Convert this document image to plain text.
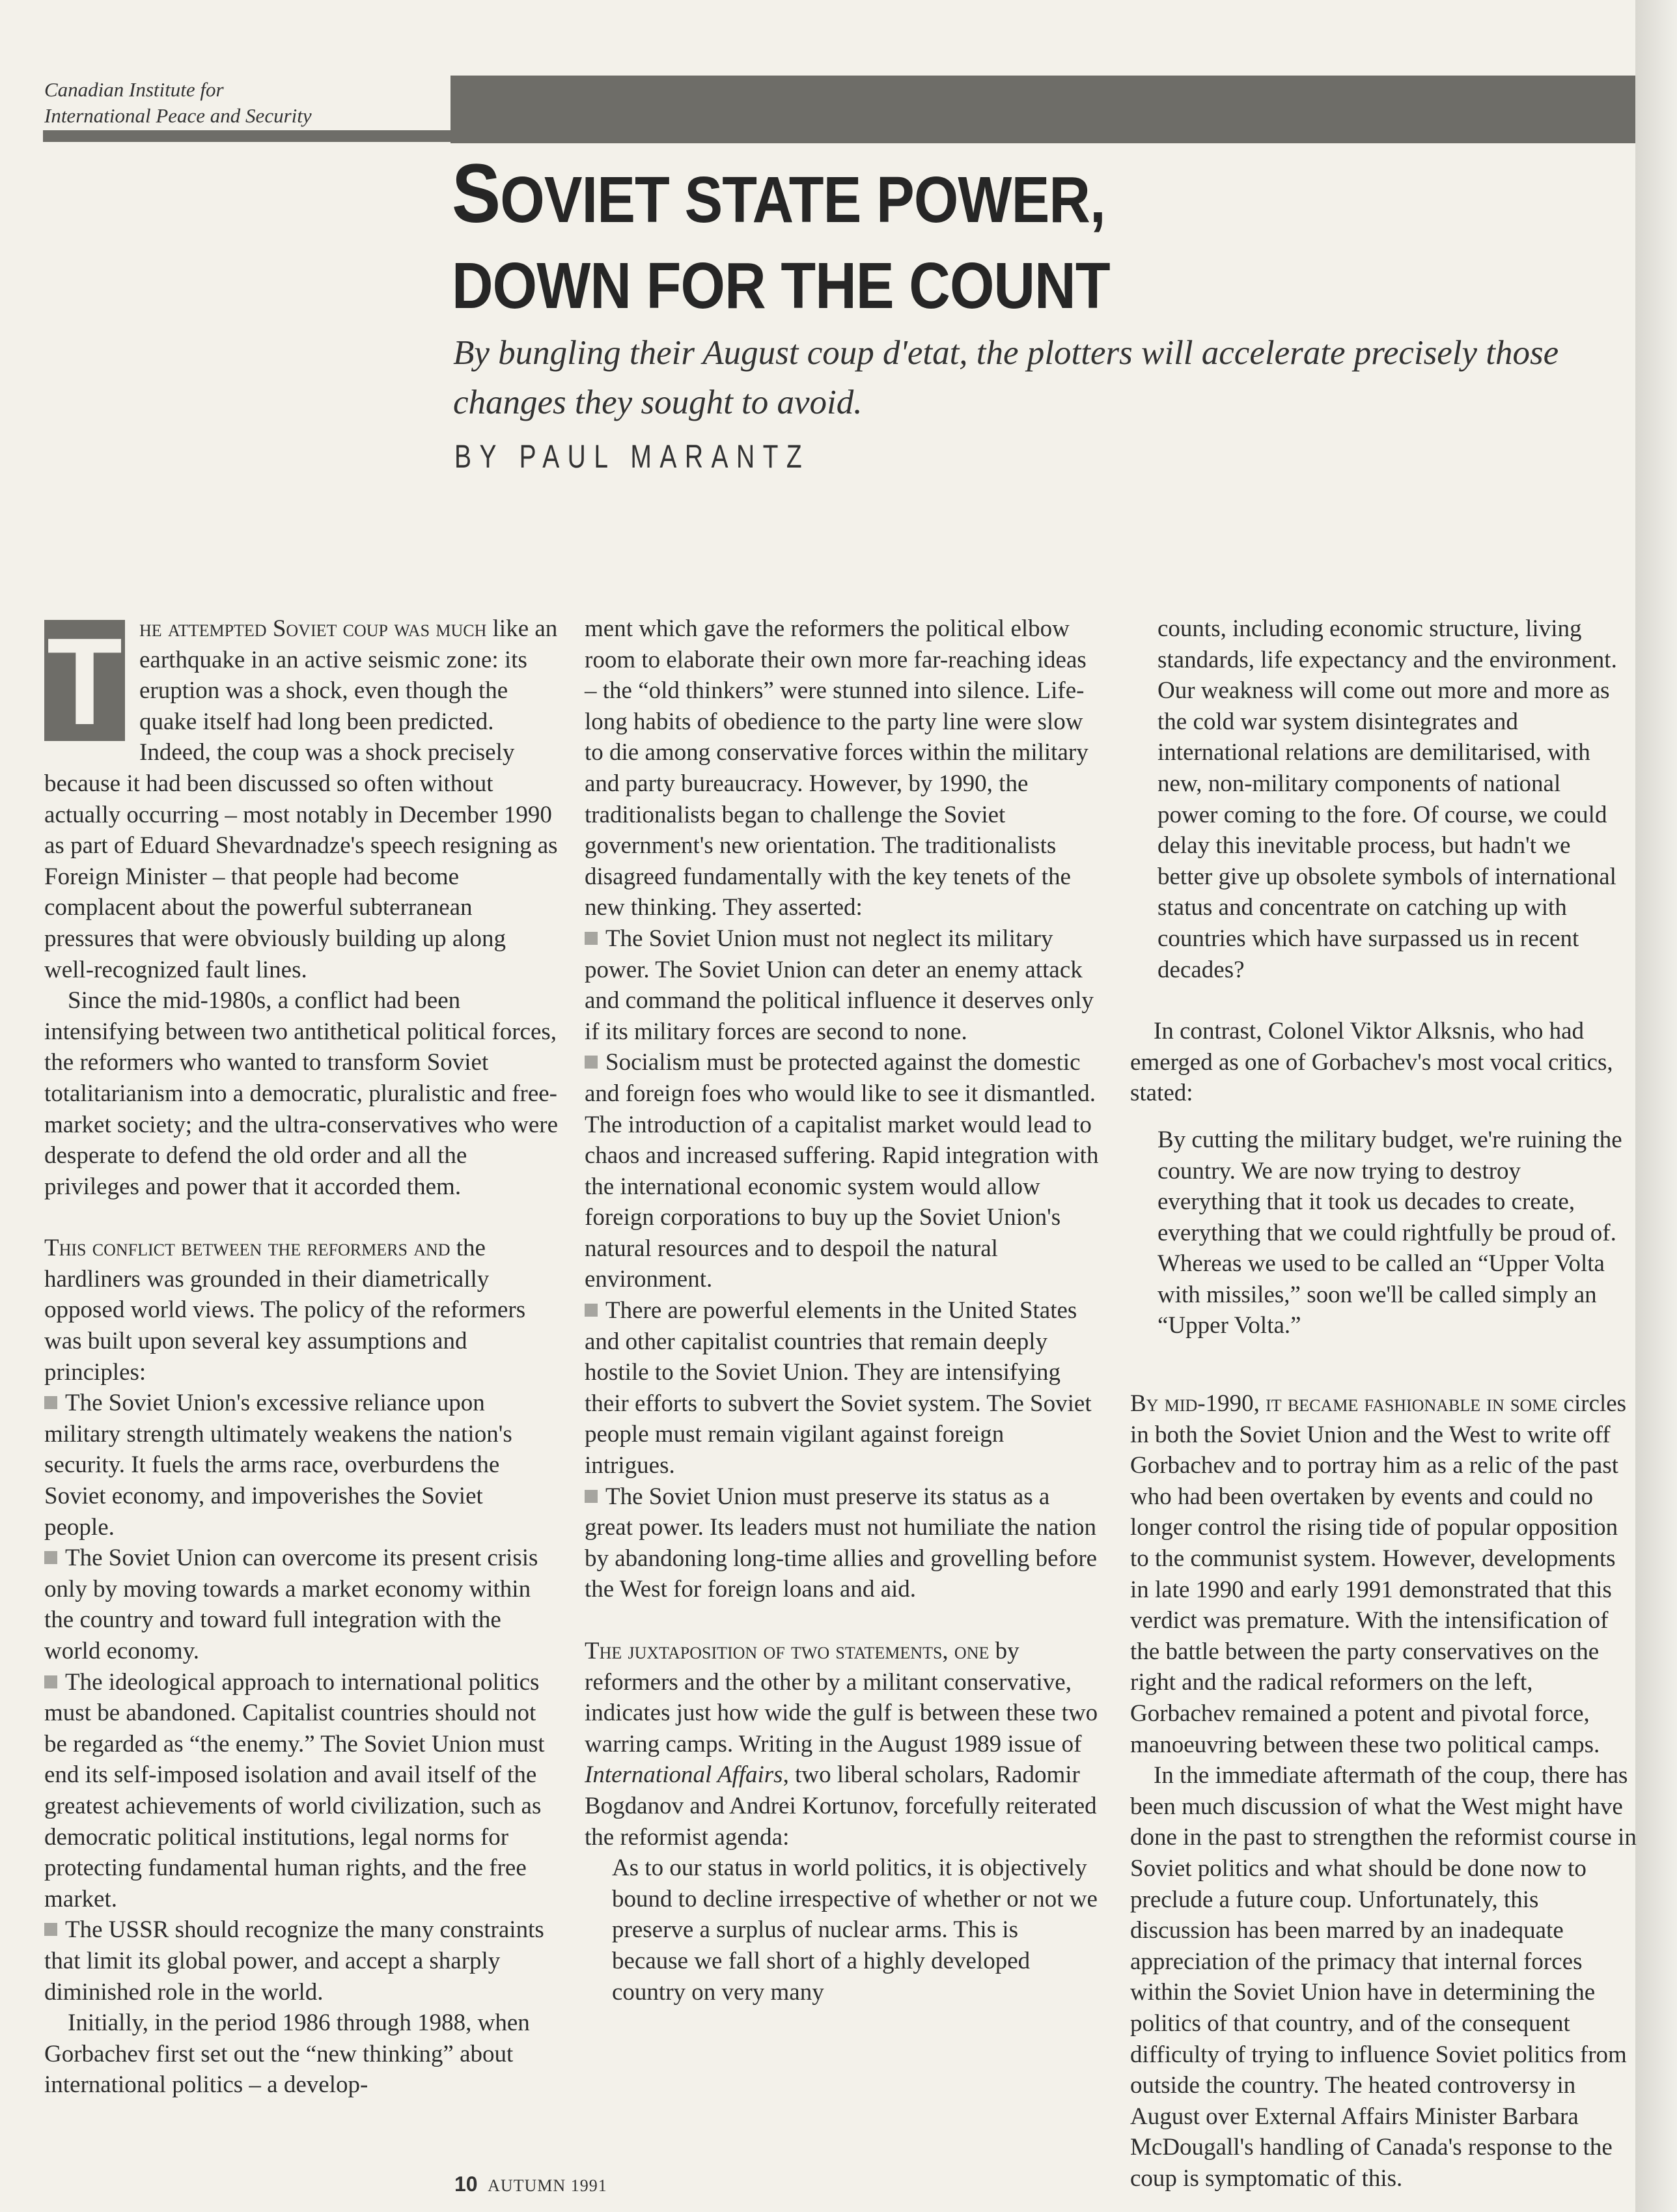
Canadian Institute for
International Peace and Security
SOVIET STATE POWER,
DOWN FOR THE COUNT
By bungling their August coup d'etat, the plotters will accelerate precisely those changes they sought to avoid.
BY PAUL MARANTZ

T he attempted Soviet coup was much like an earthquake in an active seismic zone: its eruption was a shock, even though the quake itself had long been predicted. Indeed, the coup was a shock precisely because it had been discussed so often without actually occurring – most notably in December 1990 as part of Eduard Shevardnadze's speech resigning as Foreign Minister – that people had become complacent about the powerful subterranean pressures that were obviously building up along well-recognized fault lines.

Since the mid-1980s, a conflict had been intensifying between two antithetical political forces, the reformers who wanted to transform Soviet totalitarianism into a democratic, pluralistic and free-market society; and the ultra-conservatives who were desperate to defend the old order and all the privileges and power that it accorded them.

This conflict between the reformers and the hardliners was grounded in their diametrically opposed world views. The policy of the reformers was built upon several key assumptions and principles:

The Soviet Union's excessive reliance upon military strength ultimately weakens the nation's security. It fuels the arms race, overburdens the Soviet economy, and impoverishes the Soviet people.

The Soviet Union can overcome its present crisis only by moving towards a market economy within the country and toward full integration with the world economy.

The ideological approach to international politics must be abandoned. Capitalist countries should not be regarded as “the enemy.” The Soviet Union must end its self-imposed isolation and avail itself of the greatest achievements of world civilization, such as democratic political institutions, legal norms for protecting fundamental human rights, and the free market.

The USSR should recognize the many constraints that limit its global power, and accept a sharply diminished role in the world.

Initially, in the period 1986 through 1988, when Gorbachev first set out the “new thinking” about international politics – a develop-

ment which gave the reformers the political elbow room to elaborate their own more far-reaching ideas – the “old thinkers” were stunned into silence. Life-long habits of obedience to the party line were slow to die among conservative forces within the military and party bureaucracy. However, by 1990, the traditionalists began to challenge the Soviet government's new orientation. The traditionalists disagreed fundamentally with the key tenets of the new thinking. They asserted:

The Soviet Union must not neglect its military power. The Soviet Union can deter an enemy attack and command the political influence it deserves only if its military forces are second to none.

Socialism must be protected against the domestic and foreign foes who would like to see it dismantled. The introduction of a capitalist market would lead to chaos and increased suffering. Rapid integration with the international economic system would allow foreign corporations to buy up the Soviet Union's natural resources and to despoil the natural environment.

There are powerful elements in the United States and other capitalist countries that remain deeply hostile to the Soviet Union. They are intensifying their efforts to subvert the Soviet system. The Soviet people must remain vigilant against foreign intrigues.

The Soviet Union must preserve its status as a great power. Its leaders must not humiliate the nation by abandoning long-time allies and grovelling before the West for foreign loans and aid.

The juxtaposition of two statements, one by reformers and the other by a militant conservative, indicates just how wide the gulf is between these two warring camps. Writing in the August 1989 issue of International Affairs, two liberal scholars, Radomir Bogdanov and Andrei Kortunov, forcefully reiterated the reformist agenda:

As to our status in world politics, it is objectively bound to decline irrespective of whether or not we preserve a surplus of nuclear arms. This is because we fall short of a highly developed country on very many

counts, including economic structure, living standards, life expectancy and the environment. Our weakness will come out more and more as the cold war system disintegrates and international relations are demilitarised, with new, non-military components of national power coming to the fore. Of course, we could delay this inevitable process, but hadn't we better give up obsolete symbols of international status and concentrate on catching up with countries which have surpassed us in recent decades?

In contrast, Colonel Viktor Alksnis, who had emerged as one of Gorbachev's most vocal critics, stated:

By cutting the military budget, we're ruining the country. We are now trying to destroy everything that it took us decades to create, everything that we could rightfully be proud of. Whereas we used to be called an “Upper Volta with missiles,” soon we'll be called simply an “Upper Volta.”

By mid-1990, it became fashionable in some circles in both the Soviet Union and the West to write off Gorbachev and to portray him as a relic of the past who had been overtaken by events and could no longer control the rising tide of popular opposition to the communist system. However, developments in late 1990 and early 1991 demonstrated that this verdict was premature. With the intensification of the battle between the party conservatives on the right and the radical reformers on the left, Gorbachev remained a potent and pivotal force, manoeuvring between these two political camps.

In the immediate aftermath of the coup, there has been much discussion of what the West might have done in the past to strengthen the reformist course in Soviet politics and what should be done now to preclude a future coup. Unfortunately, this discussion has been marred by an inadequate appreciation of the primacy that internal forces within the Soviet Union have in determining the politics of that country, and of the consequent difficulty of trying to influence Soviet politics from outside the country. The heated controversy in August over External Affairs Minister Barbara McDougall's handling of Canada's response to the coup is symptomatic of this.

10 AUTUMN 1991
